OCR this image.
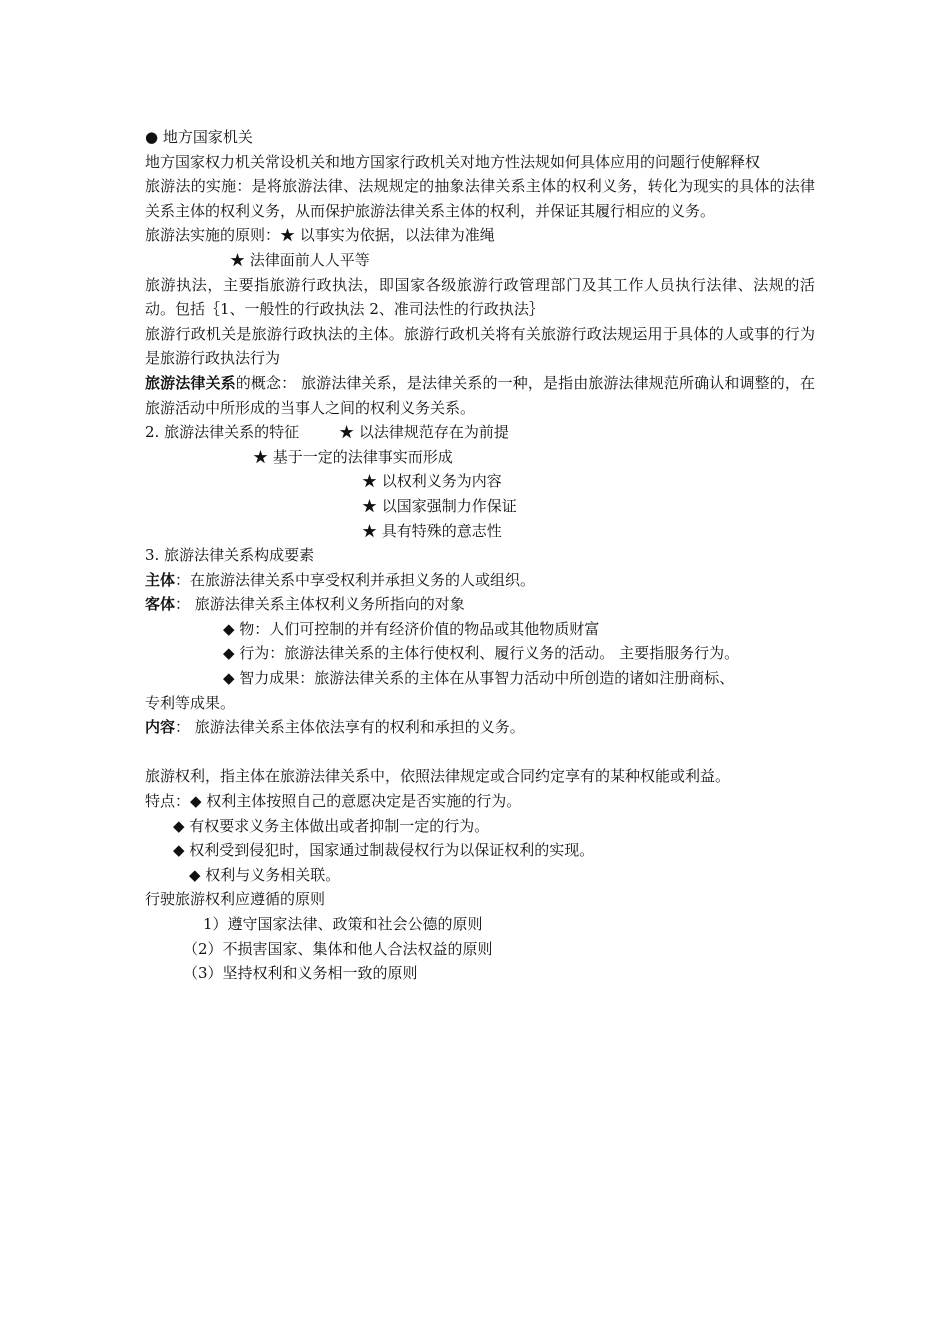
● 地方国家机关
地方国家权力机关常设机关和地方国家行政机关对地方性法规如何具体应用的问题行使解释权
旅游法的实施：是将旅游法律、法规规定的抽象法律关系主体的权利义务，转化为现实的具体的法律关系主体的权利义务，从而保护旅游法律关系主体的权利，并保证其履行相应的义务。
旅游法实施的原则：★ 以事实为依据，以法律为准绳
★ 法律面前人人平等
旅游执法，主要指旅游行政执法，即国家各级旅游行政管理部门及其工作人员执行法律、法规的活动。包括｛1、一般性的行政执法 2、准司法性的行政执法｝
旅游行政机关是旅游行政执法的主体。旅游行政机关将有关旅游行政法规运用于具体的人或事的行为是旅游行政执法行为
旅游法律关系的概念： 旅游法律关系，是法律关系的一种，是指由旅游法律规范所确认和调整的，在旅游活动中所形成的当事人之间的权利义务关系。
2. 旅游法律关系的特征	★ 以法律规范存在为前提
★ 基于一定的法律事实而形成
★ 以权利义务为内容
★ 以国家强制力作保证
★ 具有特殊的意志性
3. 旅游法律关系构成要素
主体：在旅游法律关系中享受权利并承担义务的人或组织。
客体： 旅游法律关系主体权利义务所指向的对象
◆ 物：人们可控制的并有经济价值的物品或其他物质财富
◆ 行为：旅游法律关系的主体行使权利、履行义务的活动。 主要指服务行为。
◆ 智力成果：旅游法律关系的主体在从事智力活动中所创造的诸如注册商标、
专利等成果。
内容： 旅游法律关系主体依法享有的权利和承担的义务。
旅游权利，指主体在旅游法律关系中，依照法律规定或合同约定享有的某种权能或利益。
特点：◆ 权利主体按照自己的意愿决定是否实施的行为。
◆ 有权要求义务主体做出或者抑制一定的行为。
◆ 权利受到侵犯时，国家通过制裁侵权行为以保证权利的实现。
◆ 权利与义务相关联。
行驶旅游权利应遵循的原则
1）遵守国家法律、政策和社会公德的原则
（2）不损害国家、集体和他人合法权益的原则
（3）坚持权利和义务相一致的原则
